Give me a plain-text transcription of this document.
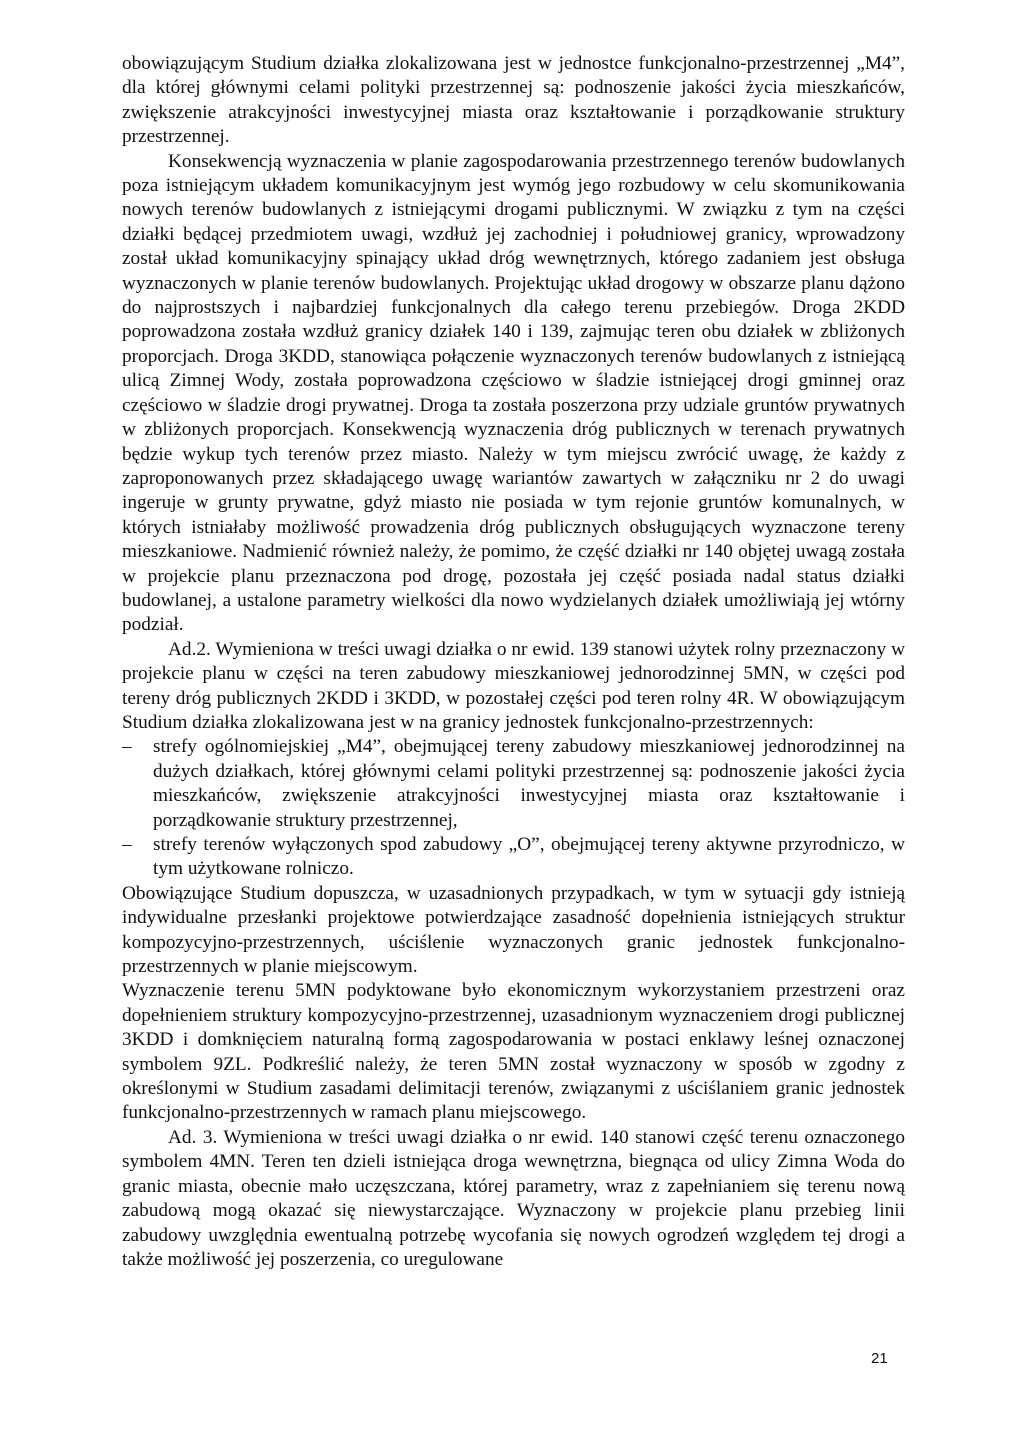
obowiązującym Studium działka zlokalizowana jest w jednostce funkcjonalno-przestrzennej „M4”, dla której głównymi celami polityki przestrzennej są: podnoszenie jakości życia mieszkańców, zwiększenie atrakcyjności inwestycyjnej miasta oraz kształtowanie i porządkowanie struktury przestrzennej.

Konsekwencją wyznaczenia w planie zagospodarowania przestrzennego terenów budowlanych poza istniejącym układem komunikacyjnym jest wymóg jego rozbudowy w celu skomunikowania nowych terenów budowlanych z istniejącymi drogami publicznymi. W związku z tym na części działki będącej przedmiotem uwagi, wzdłuż jej zachodniej i południowej granicy, wprowadzony został układ komunikacyjny spinający układ dróg wewnętrznych, którego zadaniem jest obsługa wyznaczonych w planie terenów budowlanych. Projektując układ drogowy w obszarze planu dążono do najprostszych i najbardziej funkcjonalnych dla całego terenu przebiegów. Droga 2KDD poprowadzona została wzdłuż granicy działek 140 i 139, zajmując teren obu działek w zbliżonych proporcjach. Droga 3KDD, stanowiąca połączenie wyznaczonych terenów budowlanych z istniejącą ulicą Zimnej Wody, została poprowadzona częściowo w śladzie istniejącej drogi gminnej oraz częściowo w śladzie drogi prywatnej. Droga ta została poszerzona przy udziale gruntów prywatnych w zbliżonych proporcjach. Konsekwencją wyznaczenia dróg publicznych w terenach prywatnych będzie wykup tych terenów przez miasto. Należy w tym miejscu zwrócić uwagę, że każdy z zaproponowanych przez składającego uwagę wariantów zawartych w załączniku nr 2 do uwagi ingeruje w grunty prywatne, gdyż miasto nie posiada w tym rejonie gruntów komunalnych, w których istniałaby możliwość prowadzenia dróg publicznych obsługujących wyznaczone tereny mieszkaniowe. Nadmienić również należy, że pomimo, że część działki nr 140 objętej uwagą została w projekcie planu przeznaczona pod drogę, pozostała jej część posiada nadal status działki budowlanej, a ustalone parametry wielkości dla nowo wydzielanych działek umożliwiają jej wtórny podział.

Ad.2. Wymieniona w treści uwagi działka o nr ewid. 139 stanowi użytek rolny przeznaczony w projekcie planu w części na teren zabudowy mieszkaniowej jednorodzinnej 5MN, w części pod tereny dróg publicznych 2KDD i 3KDD, w pozostałej części pod teren rolny 4R. W obowiązującym Studium działka zlokalizowana jest w na granicy jednostek funkcjonalno-przestrzennych:

– strefy ogólnomiejskiej „M4”, obejmującej tereny zabudowy mieszkaniowej jednorodzinnej na dużych działkach, której głównymi celami polityki przestrzennej są: podnoszenie jakości życia mieszkańców, zwiększenie atrakcyjności inwestycyjnej miasta oraz kształtowanie i porządkowanie struktury przestrzennej,
– strefy terenów wyłączonych spod zabudowy „O”, obejmującej tereny aktywne przyrodniczo, w tym użytkowane rolniczo.

Obowiązujące Studium dopuszcza, w uzasadnionych przypadkach, w tym w sytuacji gdy istnieją indywidualne przesłanki projektowe potwierdzające zasadność dopełnienia istniejących struktur kompozycyjno-przestrzennych, uściślenie wyznaczonych granic jednostek funkcjonalno-przestrzennych w planie miejscowym.

Wyznaczenie terenu 5MN podyktowane było ekonomicznym wykorzystaniem przestrzeni oraz dopełnieniem struktury kompozycyjno-przestrzennej, uzasadnionym wyznaczeniem drogi publicznej 3KDD i domknięciem naturalną formą zagospodarowania w postaci enklawy leśnej oznaczonej symbolem 9ZL. Podkreślić należy, że teren 5MN został wyznaczony w sposób w zgodny z określonymi w Studium zasadami delimitacji terenów, związanymi z uściślaniem granic jednostek funkcjonalno-przestrzennych w ramach planu miejscowego.

Ad. 3. Wymieniona w treści uwagi działka o nr ewid. 140 stanowi część terenu oznaczonego symbolem 4MN. Teren ten dzieli istniejąca droga wewnętrzna, biegnąca od ulicy Zimna Woda do granic miasta, obecnie mało uczęszczana, której parametry, wraz z zapełnianiem się terenu nową zabudową mogą okazać się niewystarczające. Wyznaczony w projekcie planu przebieg linii zabudowy uwzględnia ewentualną potrzebę wycofania się nowych ogrodzeń względem tej drogi a także możliwość jej poszerzenia, co uregulowane

21
